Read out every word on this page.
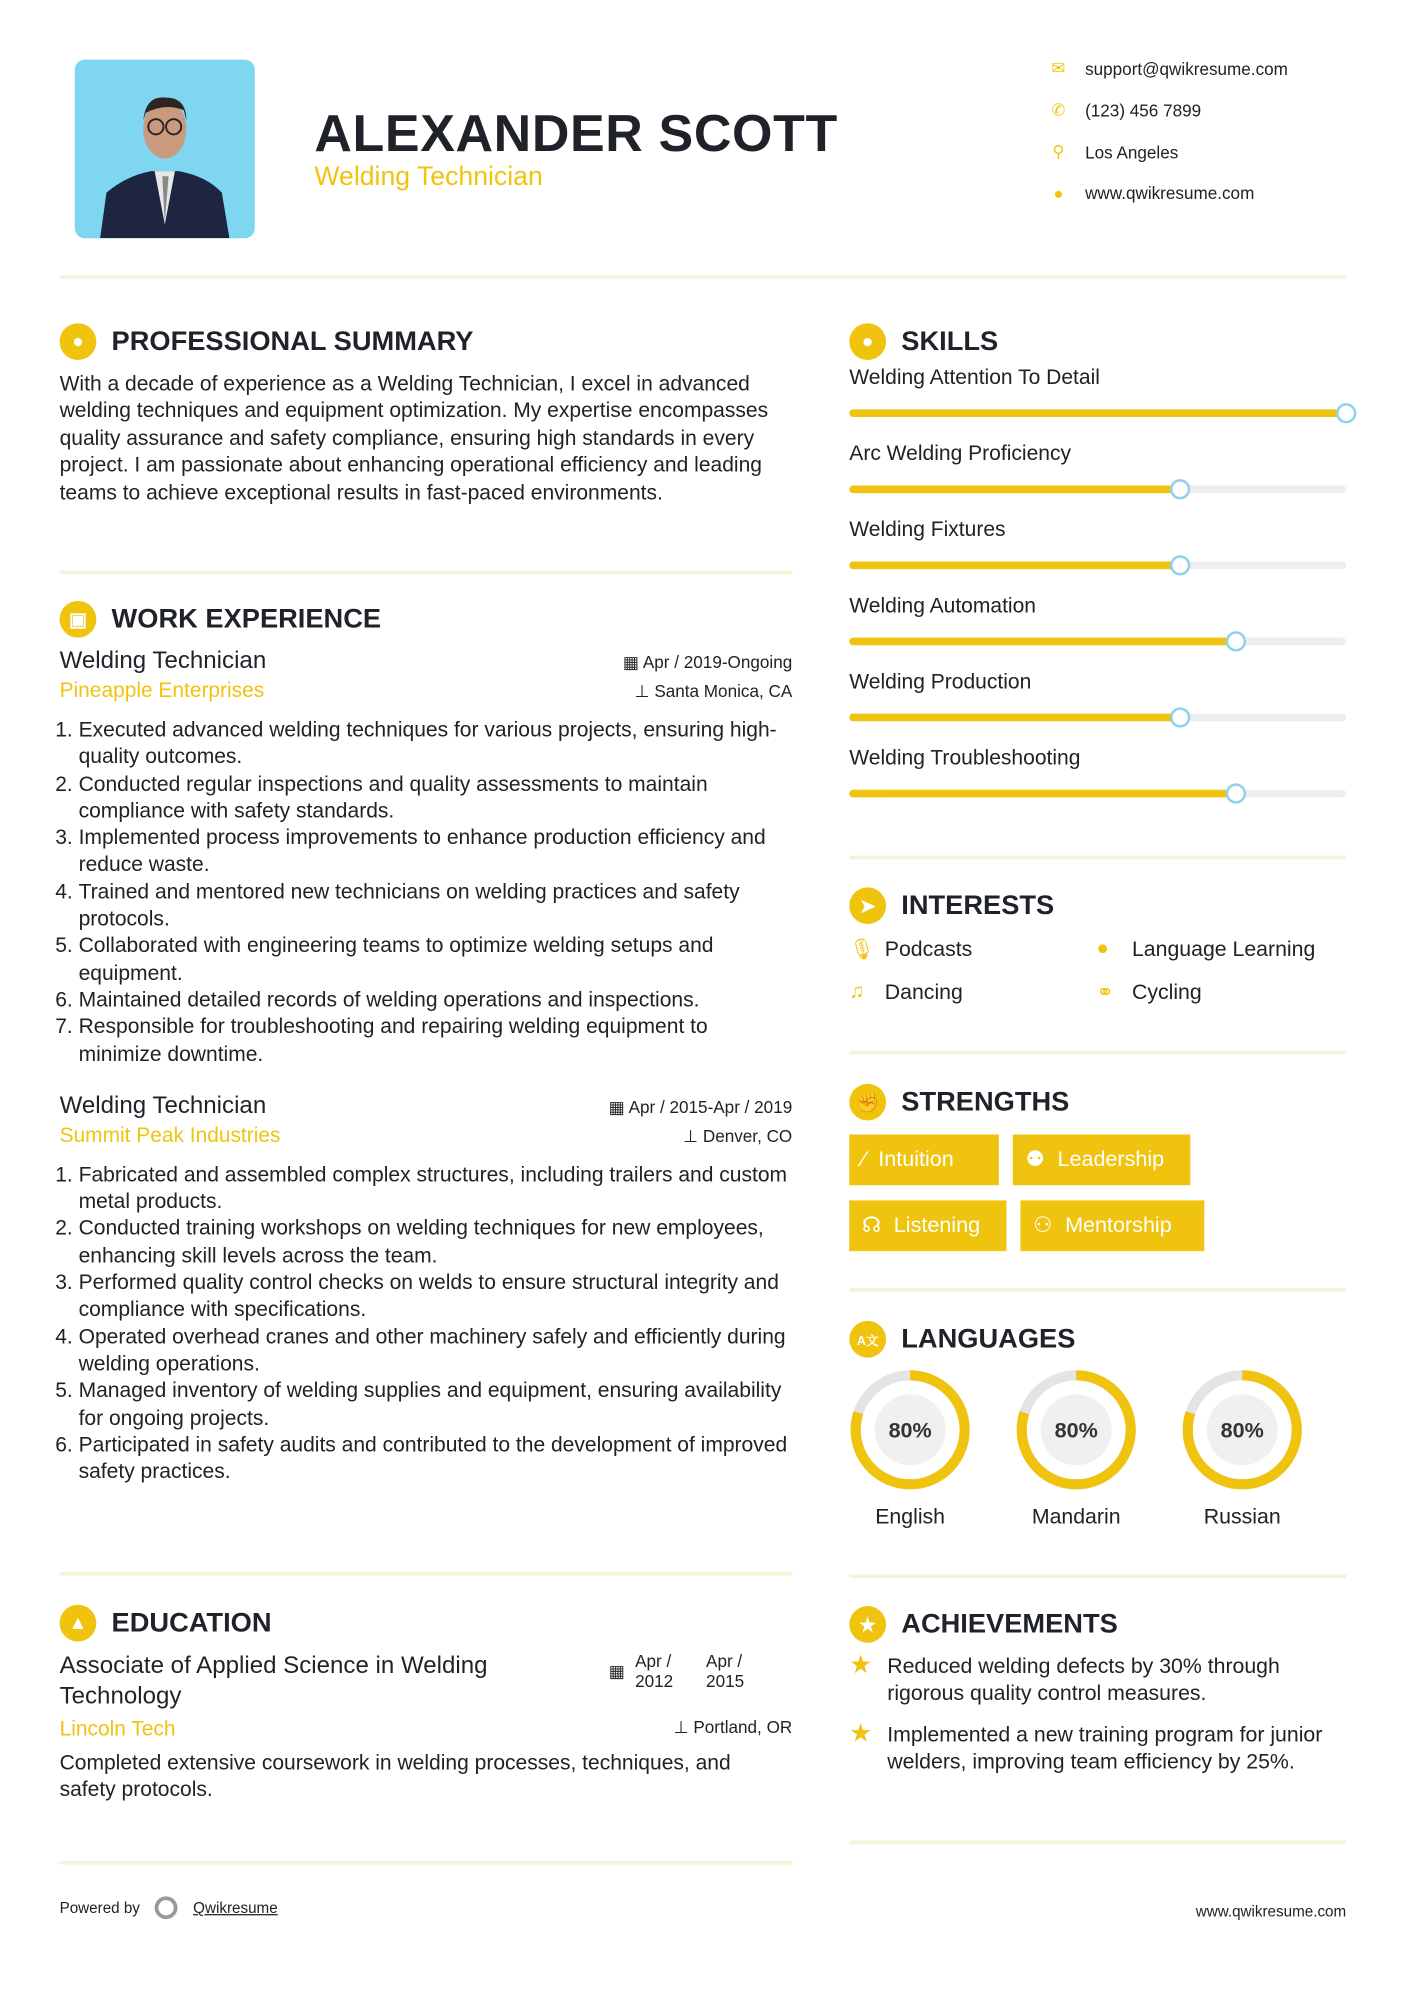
ALEXANDER SCOTT
Welding Technician
✉ support@qwikresume.com
✆ (123) 456 7899
⚲ Los Angeles
● www.qwikresume.com
●	PROFESSIONAL SUMMARY
With a decade of experience as a Welding Technician, I excel in advanced welding techniques and equipment optimization. My expertise encompasses quality assurance and safety compliance, ensuring high standards in every project. I am passionate about enhancing operational efficiency and leading teams to achieve exceptional results in fast-paced environments.
▣	WORK EXPERIENCE
Welding Technician	▦ Apr / 2019-Ongoing
Pineapple Enterprises	⊥ Santa Monica, CA
1. Executed advanced welding techniques for various projects, ensuring high-quality outcomes.
2. Conducted regular inspections and quality assessments to maintain compliance with safety standards.
3. Implemented process improvements to enhance production efficiency and reduce waste.
4. Trained and mentored new technicians on welding practices and safety protocols.
5. Collaborated with engineering teams to optimize welding setups and equipment.
6. Maintained detailed records of welding operations and inspections.
7. Responsible for troubleshooting and repairing welding equipment to minimize downtime.
Welding Technician	▦ Apr / 2015-Apr / 2019
Summit Peak Industries	⊥ Denver, CO
1. Fabricated and assembled complex structures, including trailers and custom metal products.
2. Conducted training workshops on welding techniques for new employees, enhancing skill levels across the team.
3. Performed quality control checks on welds to ensure structural integrity and compliance with specifications.
4. Operated overhead cranes and other machinery safely and efficiently during welding operations.
5. Managed inventory of welding supplies and equipment, ensuring availability for ongoing projects.
6. Participated in safety audits and contributed to the development of improved safety practices.
▲	EDUCATION
Associate of Applied Science in Welding Technology
▦
Apr / 2012
Apr / 2015
Lincoln Tech	⊥ Portland, OR
Completed extensive coursework in welding processes, techniques, and safety protocols.
●	SKILLS
Welding Attention To Detail
Arc Welding Proficiency
Welding Fixtures
Welding Automation
Welding Production
Welding Troubleshooting
➤	INTERESTS
🎙 Podcasts	●	Language Learning
♫	Dancing	⚭	Cycling
✊	STRENGTHS
⁄ Intuition	⚉ Leadership
☊ Listening	⚇ Mentorship
A文	LANGUAGES
80%
English
80%
Mandarin
80%
Russian
★	ACHIEVEMENTS
★ Reduced welding defects by 30% through rigorous quality control measures.
★ Implemented a new training program for junior welders, improving team efficiency by 25%.
Powered by	Qwikresume	www.qwikresume.com
